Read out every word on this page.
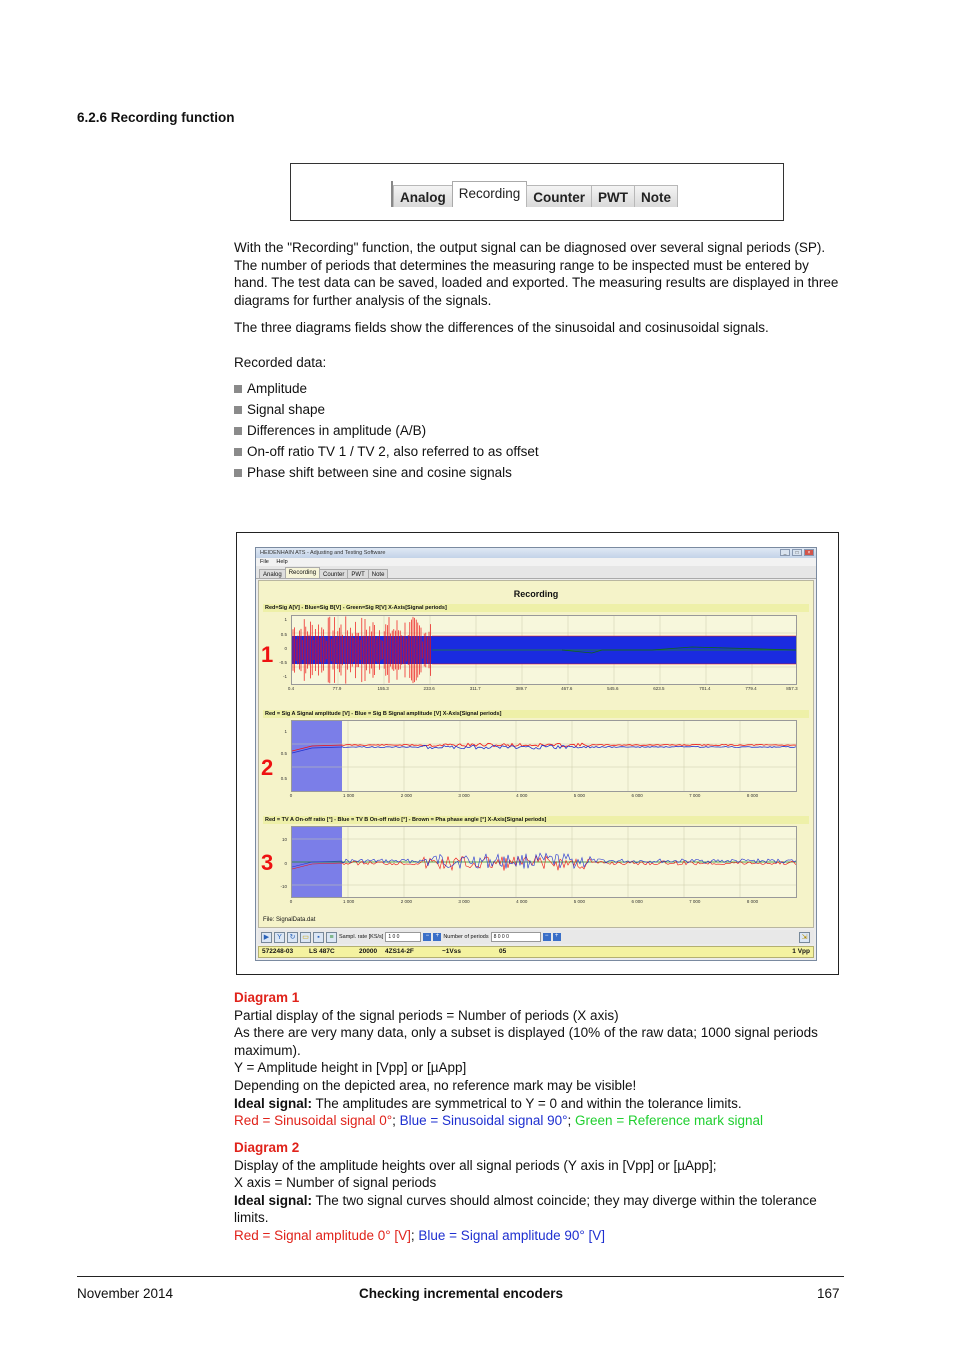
6.2.6 Recording function
Analog Recording Counter PWT Note
With the "Recording" function, the output signal can be diagnosed over several signal periods (SP). The number of periods that determines the measuring range to be inspected must be entered by hand. The test data can be saved, loaded and exported. The measuring results are displayed in three diagrams for further analysis of the signals.
The three diagrams fields show the differences of the sinusoidal and cosinusoidal signals.
Recorded data:
Amplitude
Signal shape
Differences in amplitude (A/B)
On-off ratio TV 1 / TV 2, also referred to as offset
Phase shift between sine and cosine signals
HEIDENHAIN ATS - Adjusting and Testing Software	_	□	×
File Help
Analog	Recording	Counter	PWT	Note
Recording
Red=Sig A[V] - Blue=Sig B[V] - Green=Sig R[V] X-Axis[Signal periods]
1
1
0.5
0
-0.5
-1
0.4	77.9	155.3	233.6	311.7	389.7	467.6	545.6	623.5	701.4	779.4	857.3
Red = Sig A Signal amplitude [V] - Blue = Sig B Signal amplitude [V] X-Axis[Signal periods]
2
1
0.5
0.5
0	1 000	2 000	3 000	4 000	5 000	6 000	7 000	8 000
Red = TV A On-off ratio [°] - Blue = TV B On-off ratio [°] - Brown = Pha phase angle [°] X-Axis[Signal periods]
3
10
0
-10
0	1 000	2 000	3 000	4 000	5 000	6 000	7 000	8 000
File: SignalData.dat
▶	Y	↻ ▭	▪	≡ Sampl. rate [KS/s]	1 0 0	−	+ Number of periods	8 0 0 0	−	+	⇲
572248-03 LS 487C	20000 4ZS14-2F	~1Vss	05	1 Vpp
Diagram 1
Partial display of the signal periods = Number of periods (X axis)
As there are very many data, only a subset is displayed (10% of the raw data; 1000 signal periods maximum).
Y = Amplitude height in [Vpp] or [µApp]
Depending on the depicted area, no reference mark may be visible!
Ideal signal: The amplitudes are symmetrical to Y = 0 and within the tolerance limits.
Red = Sinusoidal signal 0°; Blue = Sinusoidal signal 90°; Green = Reference mark signal
Diagram 2
Display of the amplitude heights over all signal periods (Y axis in [Vpp] or [µApp];
X axis = Number of signal periods
Ideal signal: The two signal curves should almost coincide; they may diverge within the tolerance limits.
Red = Signal amplitude 0° [V]; Blue = Signal amplitude 90° [V]
November 2014	Checking incremental encoders	167
